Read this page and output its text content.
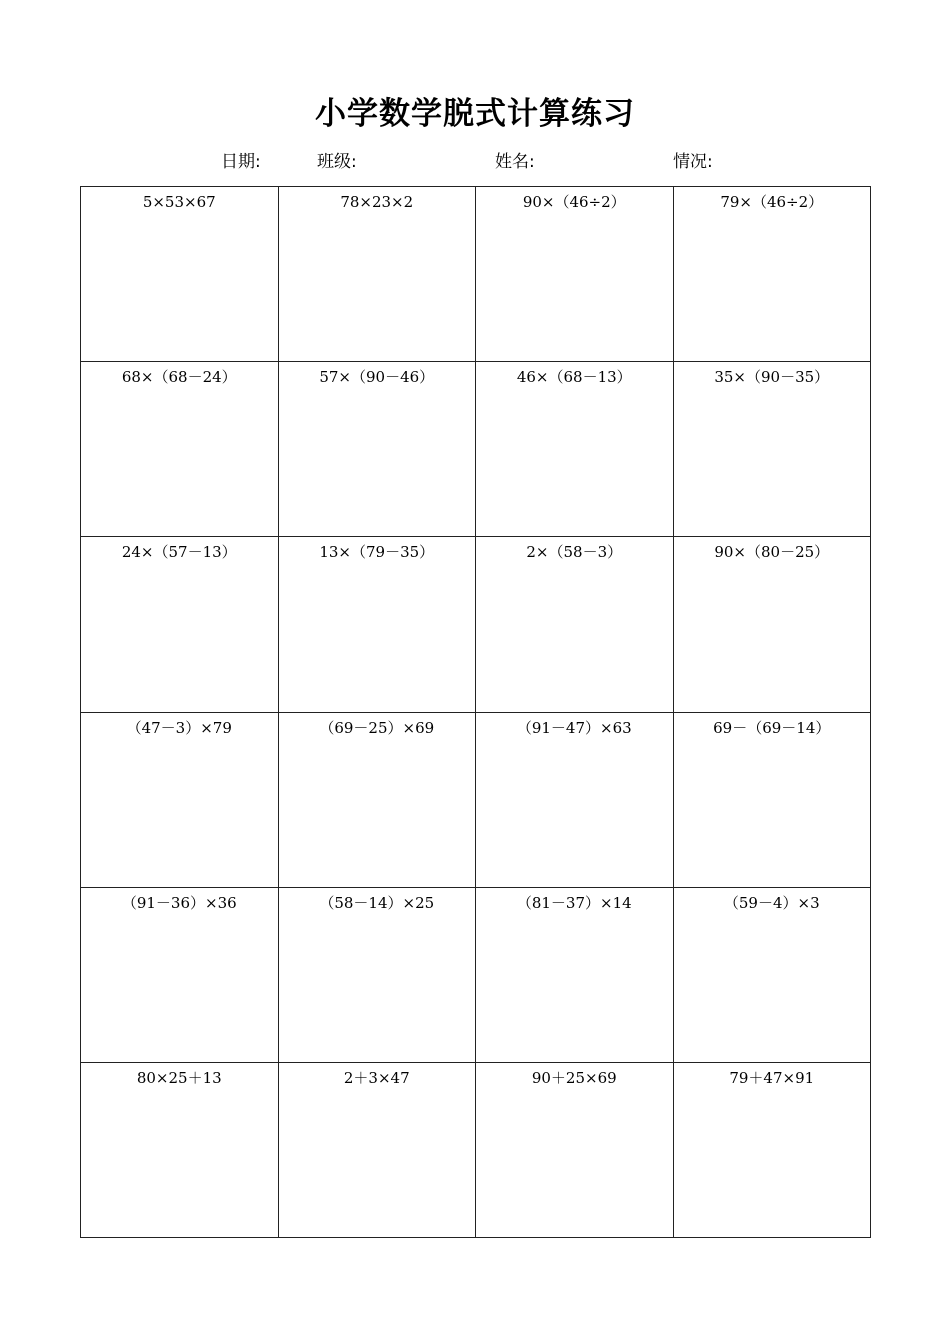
小学数学脱式计算练习
日期:	班级:	姓名:	情况:
5×53×67	78×23×2	90×（46÷2）	79×（46÷2）
68×（68－24）	57×（90－46）	46×（68－13）	35×（90－35）
24×（57－13）	13×（79－35）	2×（58－3）	90×（80－25）
（47－3）×79	（69－25）×69	（91－47）×63	69－（69－14）
（91－36）×36	（58－14）×25	（81－37）×14	（59－4）×3
80×25＋13	2＋3×47	90＋25×69	79＋47×91
